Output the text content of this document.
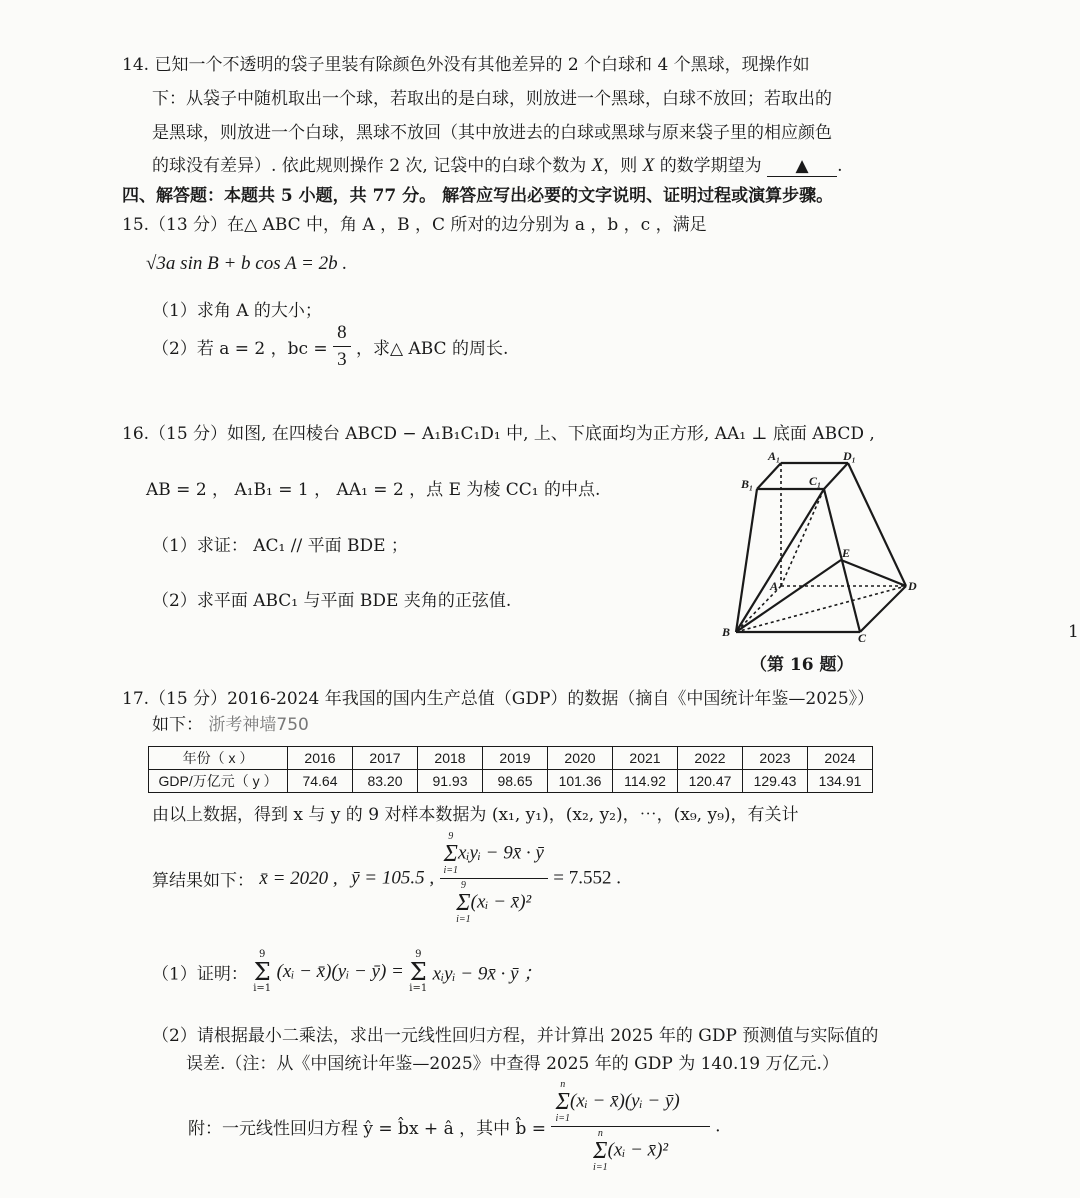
14. 已知一个不透明的袋子里装有除颜色外没有其他差异的 2 个白球和 4 个黑球，现操作如
下：从袋子中随机取出一个球，若取出的是白球，则放进一个黑球，白球不放回；若取出的
是黑球，则放进一个白球，黑球不放回（其中放进去的白球或黑球与原来袋子里的相应颜色
的球没有差异）. 依此规则操作 2 次, 记袋中的白球个数为 X，则 X 的数学期望为 ▲ .
四、解答题：本题共 5 小题，共 77 分。 解答应写出必要的文字说明、证明过程或演算步骤。
15.（13 分）在△ ABC 中，角 A ，B ，C 所对的边分别为 a ，b ，c ，满足
√3a sin B + b cos A = 2b .
（1）求角 A 的大小；
（2）若 a = 2 ，bc = $\frac{8}{3}$ ，求△ ABC 的周长.
16.（15 分）如图, 在四棱台 ABCD − A₁B₁C₁D₁ 中, 上、下底面均为正方形, AA₁ ⊥ 底面 ABCD ,
AB = 2 ， A₁B₁ = 1 ， AA₁ = 2 ，点 E 为棱 CC₁ 的中点.
（1）求证： AC₁ // 平面 BDE ；
（2）求平面 ABC₁ 与平面 BDE 夹角的正弦值.
1
A₁	D₁
B₁	C₁
E
A	D
B	C
（第 16 题）
17.（15 分）2016-2024 年我国的国内生产总值（GDP）的数据（摘自《中国统计年鉴—2025》）
如下： 浙考神墙750
年份（ x ）	2016	2017	2018	2019	2020	2021	2022	2023	2024
GDP/万亿元（ y ）	74.64	83.20	91.93	98.65	101.36	114.92	120.47	129.43	134.91
由以上数据，得到 x 与 y 的 9 对样本数据为 (x₁, y₁)，(x₂, y₂)，⋯，(x₉, y₉)，有关计
算结果如下： x̄ = 2020 , ȳ = 105.5 , 9
Σ
i=1
xᵢyᵢ − 9x̄ · ȳ
9
Σ
i=1
(xᵢ − x̄)² = 7.552 .
（1）证明：
9
Σ
i=1
(xᵢ − x̄)(yᵢ − ȳ) =
9
Σ
i=1
xᵢyᵢ − 9x̄ · ȳ ；
（2）请根据最小二乘法，求出一元线性回归方程，并计算出 2025 年的 GDP 预测值与实际值的
误差.（注：从《中国统计年鉴—2025》中查得 2025 年的 GDP 为 140.19 万亿元.）
附：一元线性回归方程 ŷ = b̂x + â ，其中 b̂ = n
Σ
i=1
(xᵢ − x̄)(yᵢ − ȳ)
n
Σ
i=1
(xᵢ − x̄)² .
